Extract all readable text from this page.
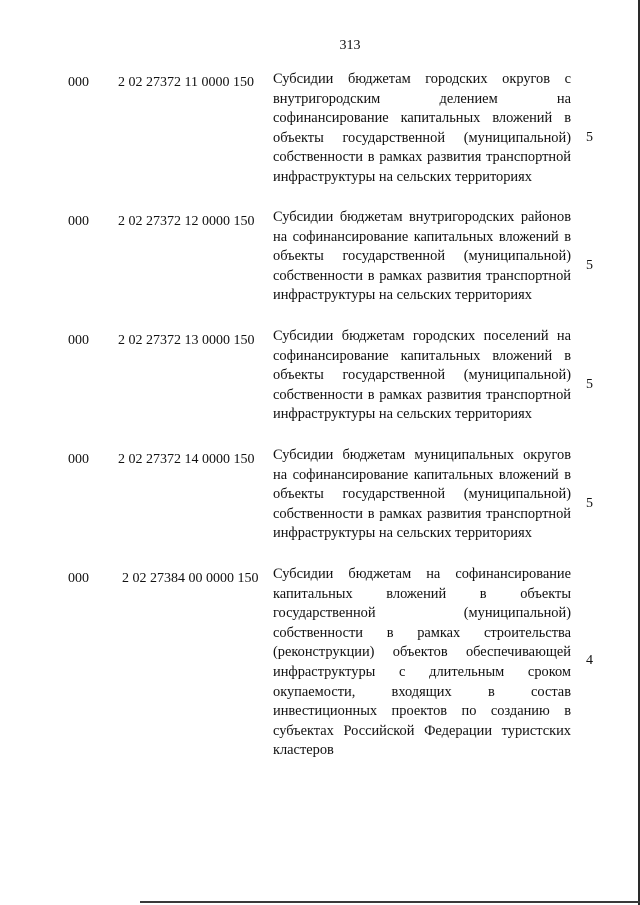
313
000 2 02 27372 11 0000 150 Субсидии бюджетам городских округов с внутригородским делением на софинансирование капитальных вложений в объекты государственной (муниципальной) собственности в рамках развития транспортной инфраструктуры на сельских территориях
5
000 2 02 27372 12 0000 150 Субсидии бюджетам внутригородских районов на софинансирование капитальных вложений в объекты государственной (муниципальной) собственности в рамках развития транспортной инфраструктуры на сельских территориях
5
000 2 02 27372 13 0000 150 Субсидии бюджетам городских поселений на софинансирование капитальных вложений в объекты государственной (муниципальной) собственности в рамках развития транспортной инфраструктуры на сельских территориях
5
000 2 02 27372 14 0000 150 Субсидии бюджетам муниципальных округов на софинансирование капитальных вложений в объекты государственной (муниципальной) собственности в рамках развития транспортной инфраструктуры на сельских территориях
5
000 2 02 27384 00 0000 150 Субсидии бюджетам на софинансирование капитальных вложений в объекты государственной (муниципальной) собственности в рамках строительства (реконструкции) объектов обеспечивающей инфраструктуры с длительным сроком окупаемости, входящих в состав инвестиционных проектов по созданию в субъектах Российской Федерации туристских кластеров
4
